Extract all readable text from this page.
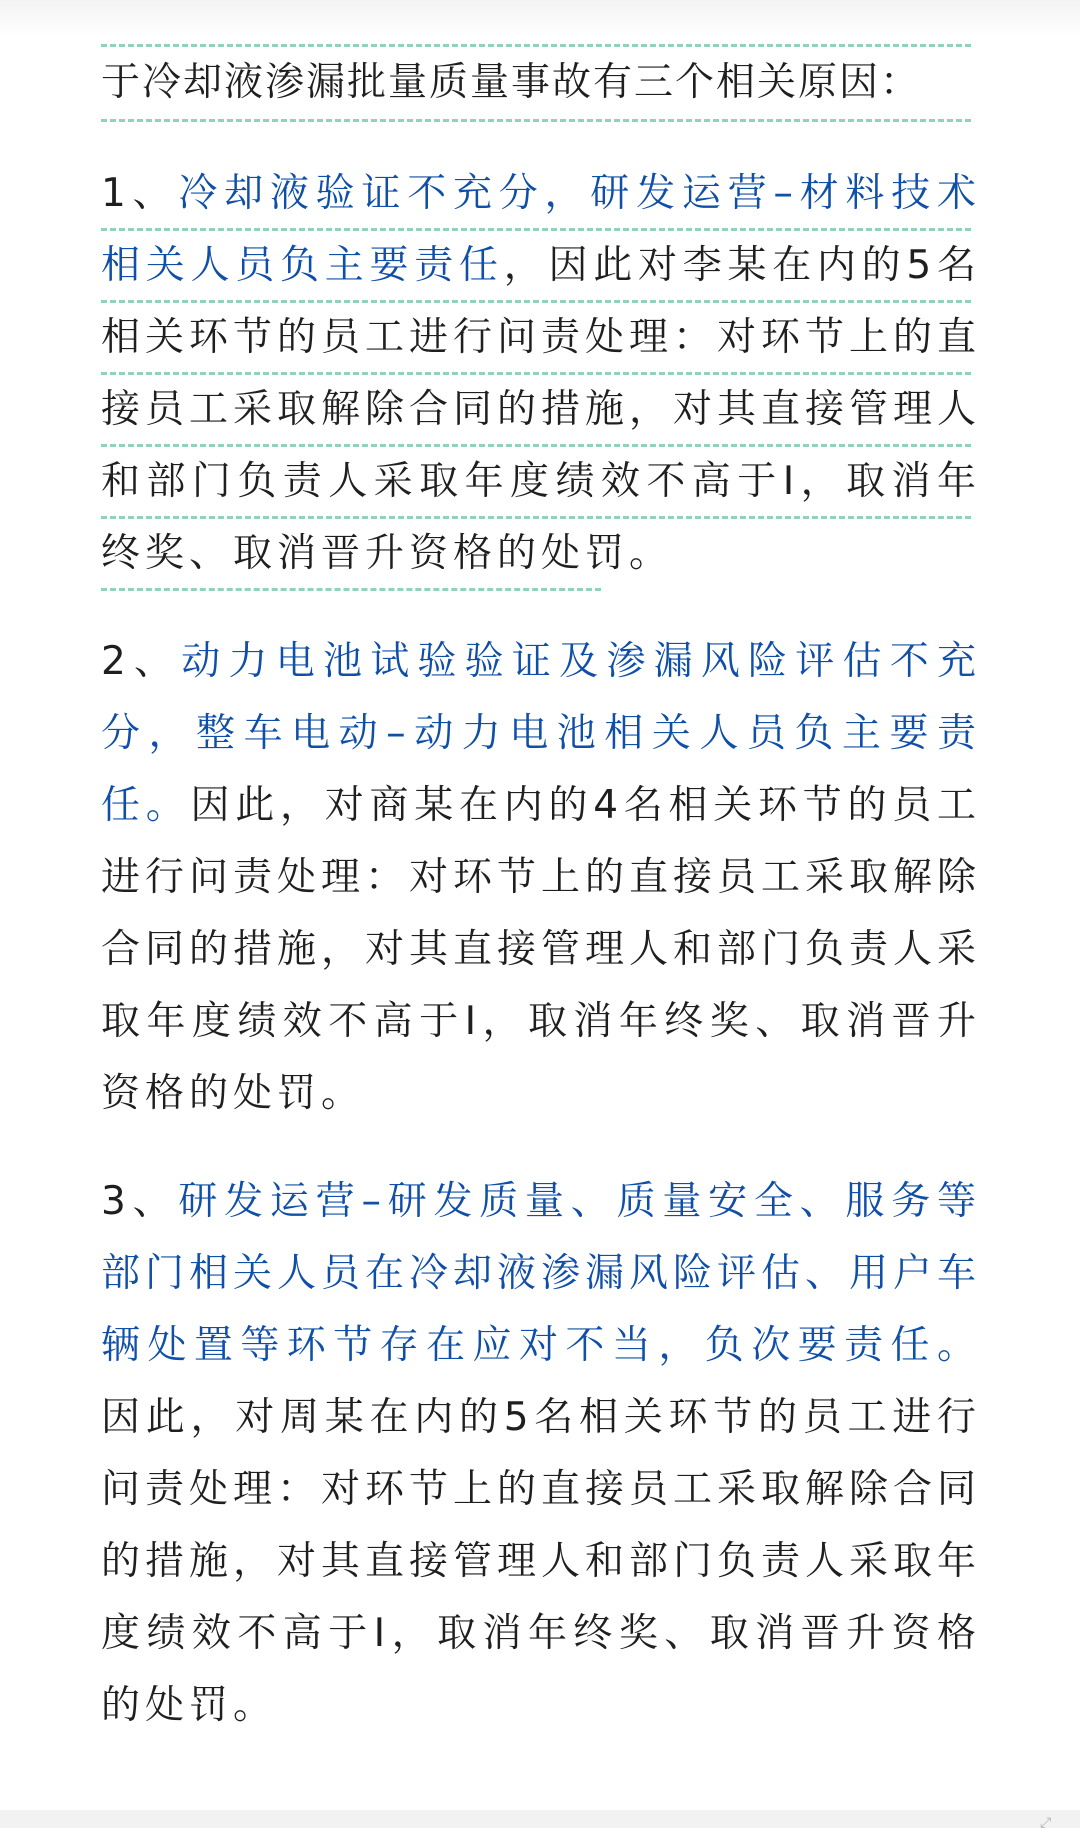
于冷却液渗漏批量质量事故有三个相关原因：

1、冷却液验证不充分，研发运营–材料技术相关人员负主要责任，因此对李某在内的5名相关环节的员工进行问责处理：对环节上的直接员工采取解除合同的措施，对其直接管理人和部门负责人采取年度绩效不高于I，取消年终奖、取消晋升资格的处罚。

2、动力电池试验验证及渗漏风险评估不充分，整车电动–动力电池相关人员负主要责任。因此，对商某在内的4名相关环节的员工进行问责处理：对环节上的直接员工采取解除合同的措施，对其直接管理人和部门负责人采取年度绩效不高于I，取消年终奖、取消晋升资格的处罚。

3、研发运营–研发质量、质量安全、服务等部门相关人员在冷却液渗漏风险评估、用户车辆处置等环节存在应对不当，负次要责任。因此，对周某在内的5名相关环节的员工进行问责处理：对环节上的直接员工采取解除合同的措施，对其直接管理人和部门负责人采取年度绩效不高于I，取消年终奖、取消晋升资格的处罚。

⤢
